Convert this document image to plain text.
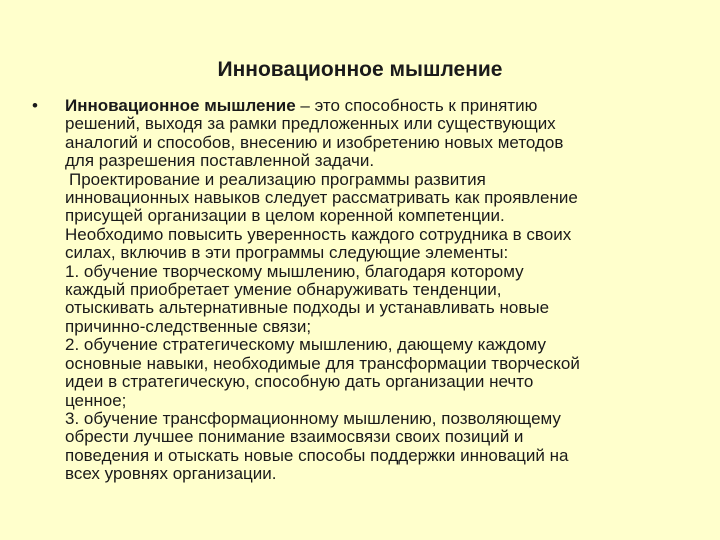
Инновационное мышление
• Инновационное мышление – это способность к принятию
решений, выходя за рамки предложенных или существующих
аналогий и способов, внесению и изобретению новых методов
для разрешения поставленной задачи.

Проектирование и реализацию программы развития
инновационных навыков следует рассматривать как проявление
присущей организации в целом коренной компетенции.
Необходимо повысить уверенность каждого сотрудника в своих
силах, включив в эти программы следующие элементы:
1. обучение творческому мышлению, благодаря которому
каждый приобретает умение обнаруживать тенденции,
отыскивать альтернативные подходы и устанавливать новые
причинно-следственные связи;
2. обучение стратегическому мышлению, дающему каждому
основные навыки, необходимые для трансформации творческой
идеи в стратегическую, способную дать организации нечто
ценное;
3. обучение трансформационному мышлению, позволяющему
обрести лучшее понимание взаимосвязи своих позиций и
поведения и отыскать новые способы поддержки инноваций на
всех уровнях организации.
